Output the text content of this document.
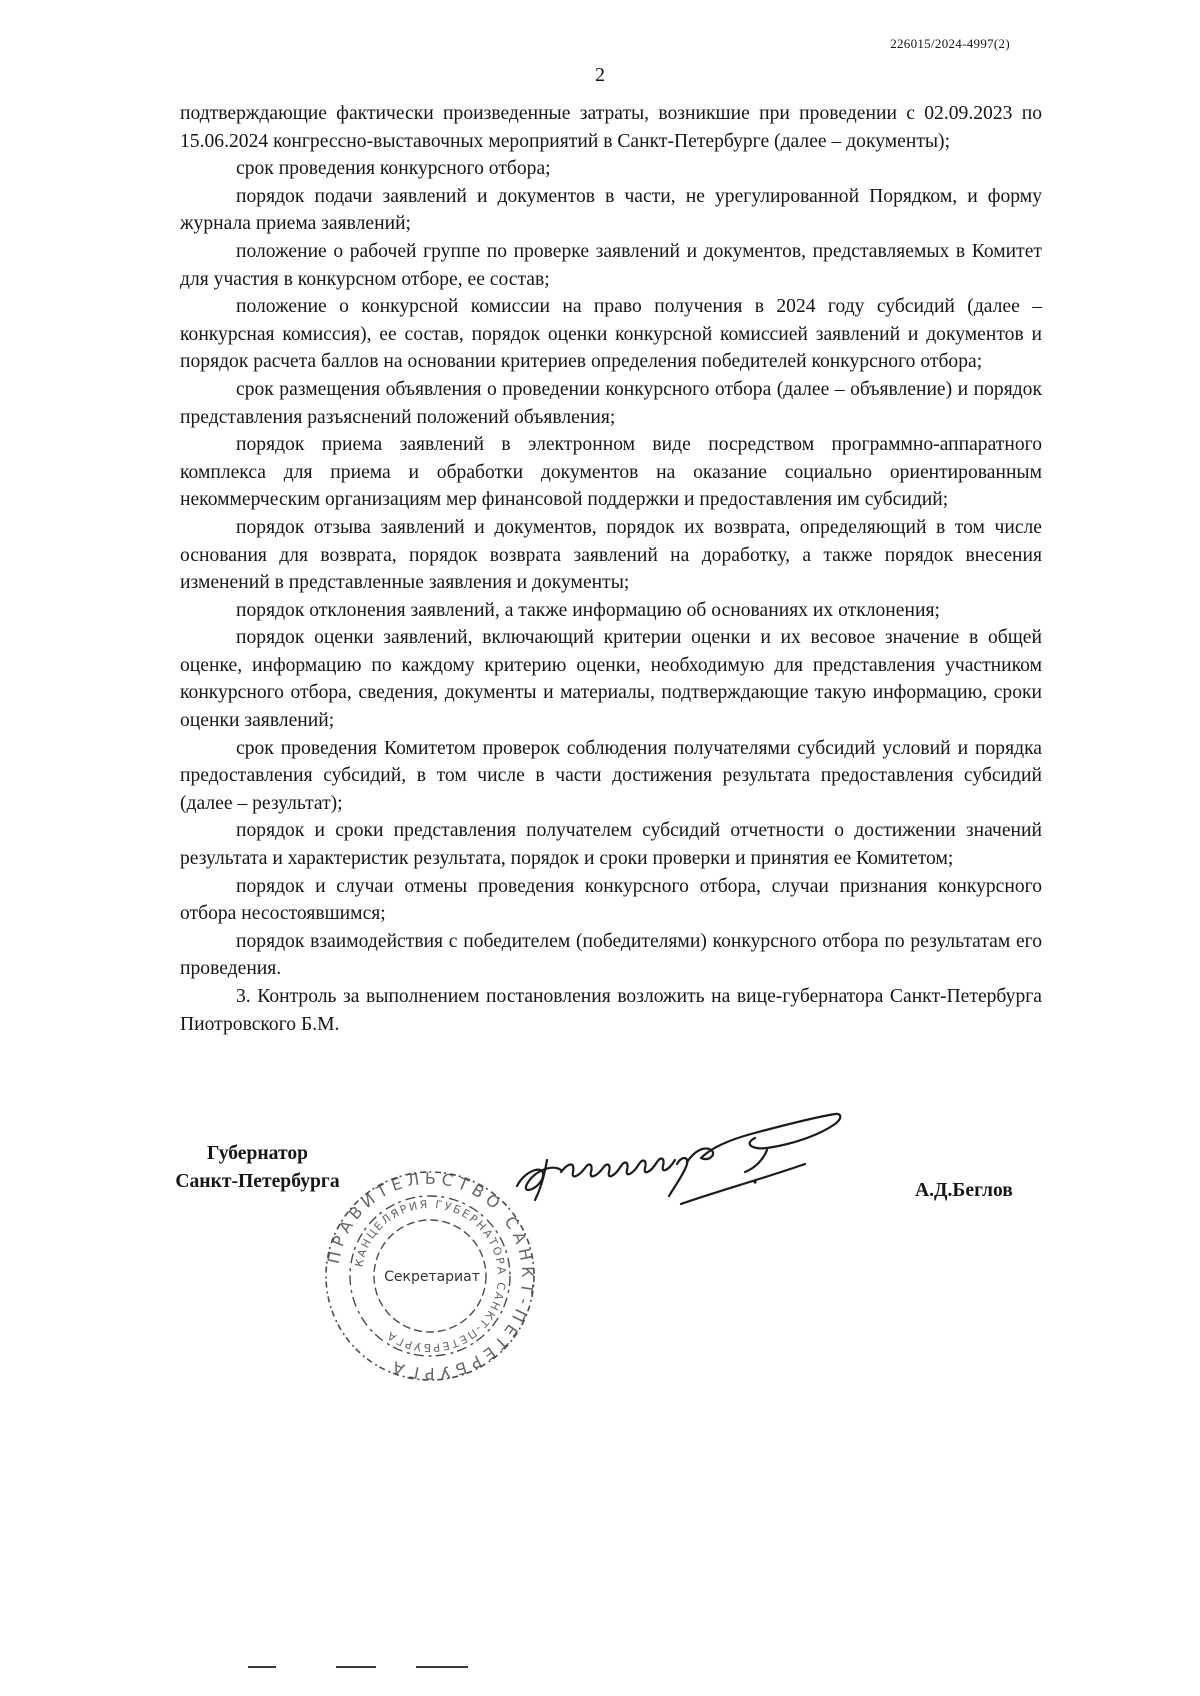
226015/2024-4997(2)
2

подтверждающие фактически произведенные затраты, возникшие при проведении с 02.09.2023 по 15.06.2024 конгрессно-выставочных мероприятий в Санкт-Петербурге (далее – документы);

срок проведения конкурсного отбора;

порядок подачи заявлений и документов в части, не урегулированной Порядком, и форму журнала приема заявлений;

положение о рабочей группе по проверке заявлений и документов, представляемых в Комитет для участия в конкурсном отборе, ее состав;

положение о конкурсной комиссии на право получения в 2024 году субсидий (далее – конкурсная комиссия), ее состав, порядок оценки конкурсной комиссией заявлений и документов и порядок расчета баллов на основании критериев определения победителей конкурсного отбора;

срок размещения объявления о проведении конкурсного отбора (далее – объявление) и порядок представления разъяснений положений объявления;

порядок приема заявлений в электронном виде посредством программно-аппаратного комплекса для приема и обработки документов на оказание социально ориентированным некоммерческим организациям мер финансовой поддержки и предоставления им субсидий;

порядок отзыва заявлений и документов, порядок их возврата, определяющий в том числе основания для возврата, порядок возврата заявлений на доработку, а также порядок внесения изменений в представленные заявления и документы;

порядок отклонения заявлений, а также информацию об основаниях их отклонения;

порядок оценки заявлений, включающий критерии оценки и их весовое значение в общей оценке, информацию по каждому критерию оценки, необходимую для представления участником конкурсного отбора, сведения, документы и материалы, подтверждающие такую информацию, сроки оценки заявлений;

срок проведения Комитетом проверок соблюдения получателями субсидий условий и порядка предоставления субсидий, в том числе в части достижения результата предоставления субсидий (далее – результат);

порядок и сроки представления получателем субсидий отчетности о достижении значений результата и характеристик результата, порядок и сроки проверки и принятия ее Комитетом;

порядок и случаи отмены проведения конкурсного отбора, случаи признания конкурсного отбора несостоявшимся;

порядок взаимодействия с победителем (победителями) конкурсного отбора по результатам его проведения.

3. Контроль за выполнением постановления возложить на вице-губернатора Санкт-Петербурга Пиотровского Б.М.

Губернатор
Санкт-Петербурга	А.Д.Беглов
ПРАВИТЕЛЬСТВО САНКТ-ПЕТЕРБУРГА
КАНЦЕЛЯРИЯ ГУБЕРНАТОРА САНКТ-ПЕТЕРБУРГА
Секретариат
